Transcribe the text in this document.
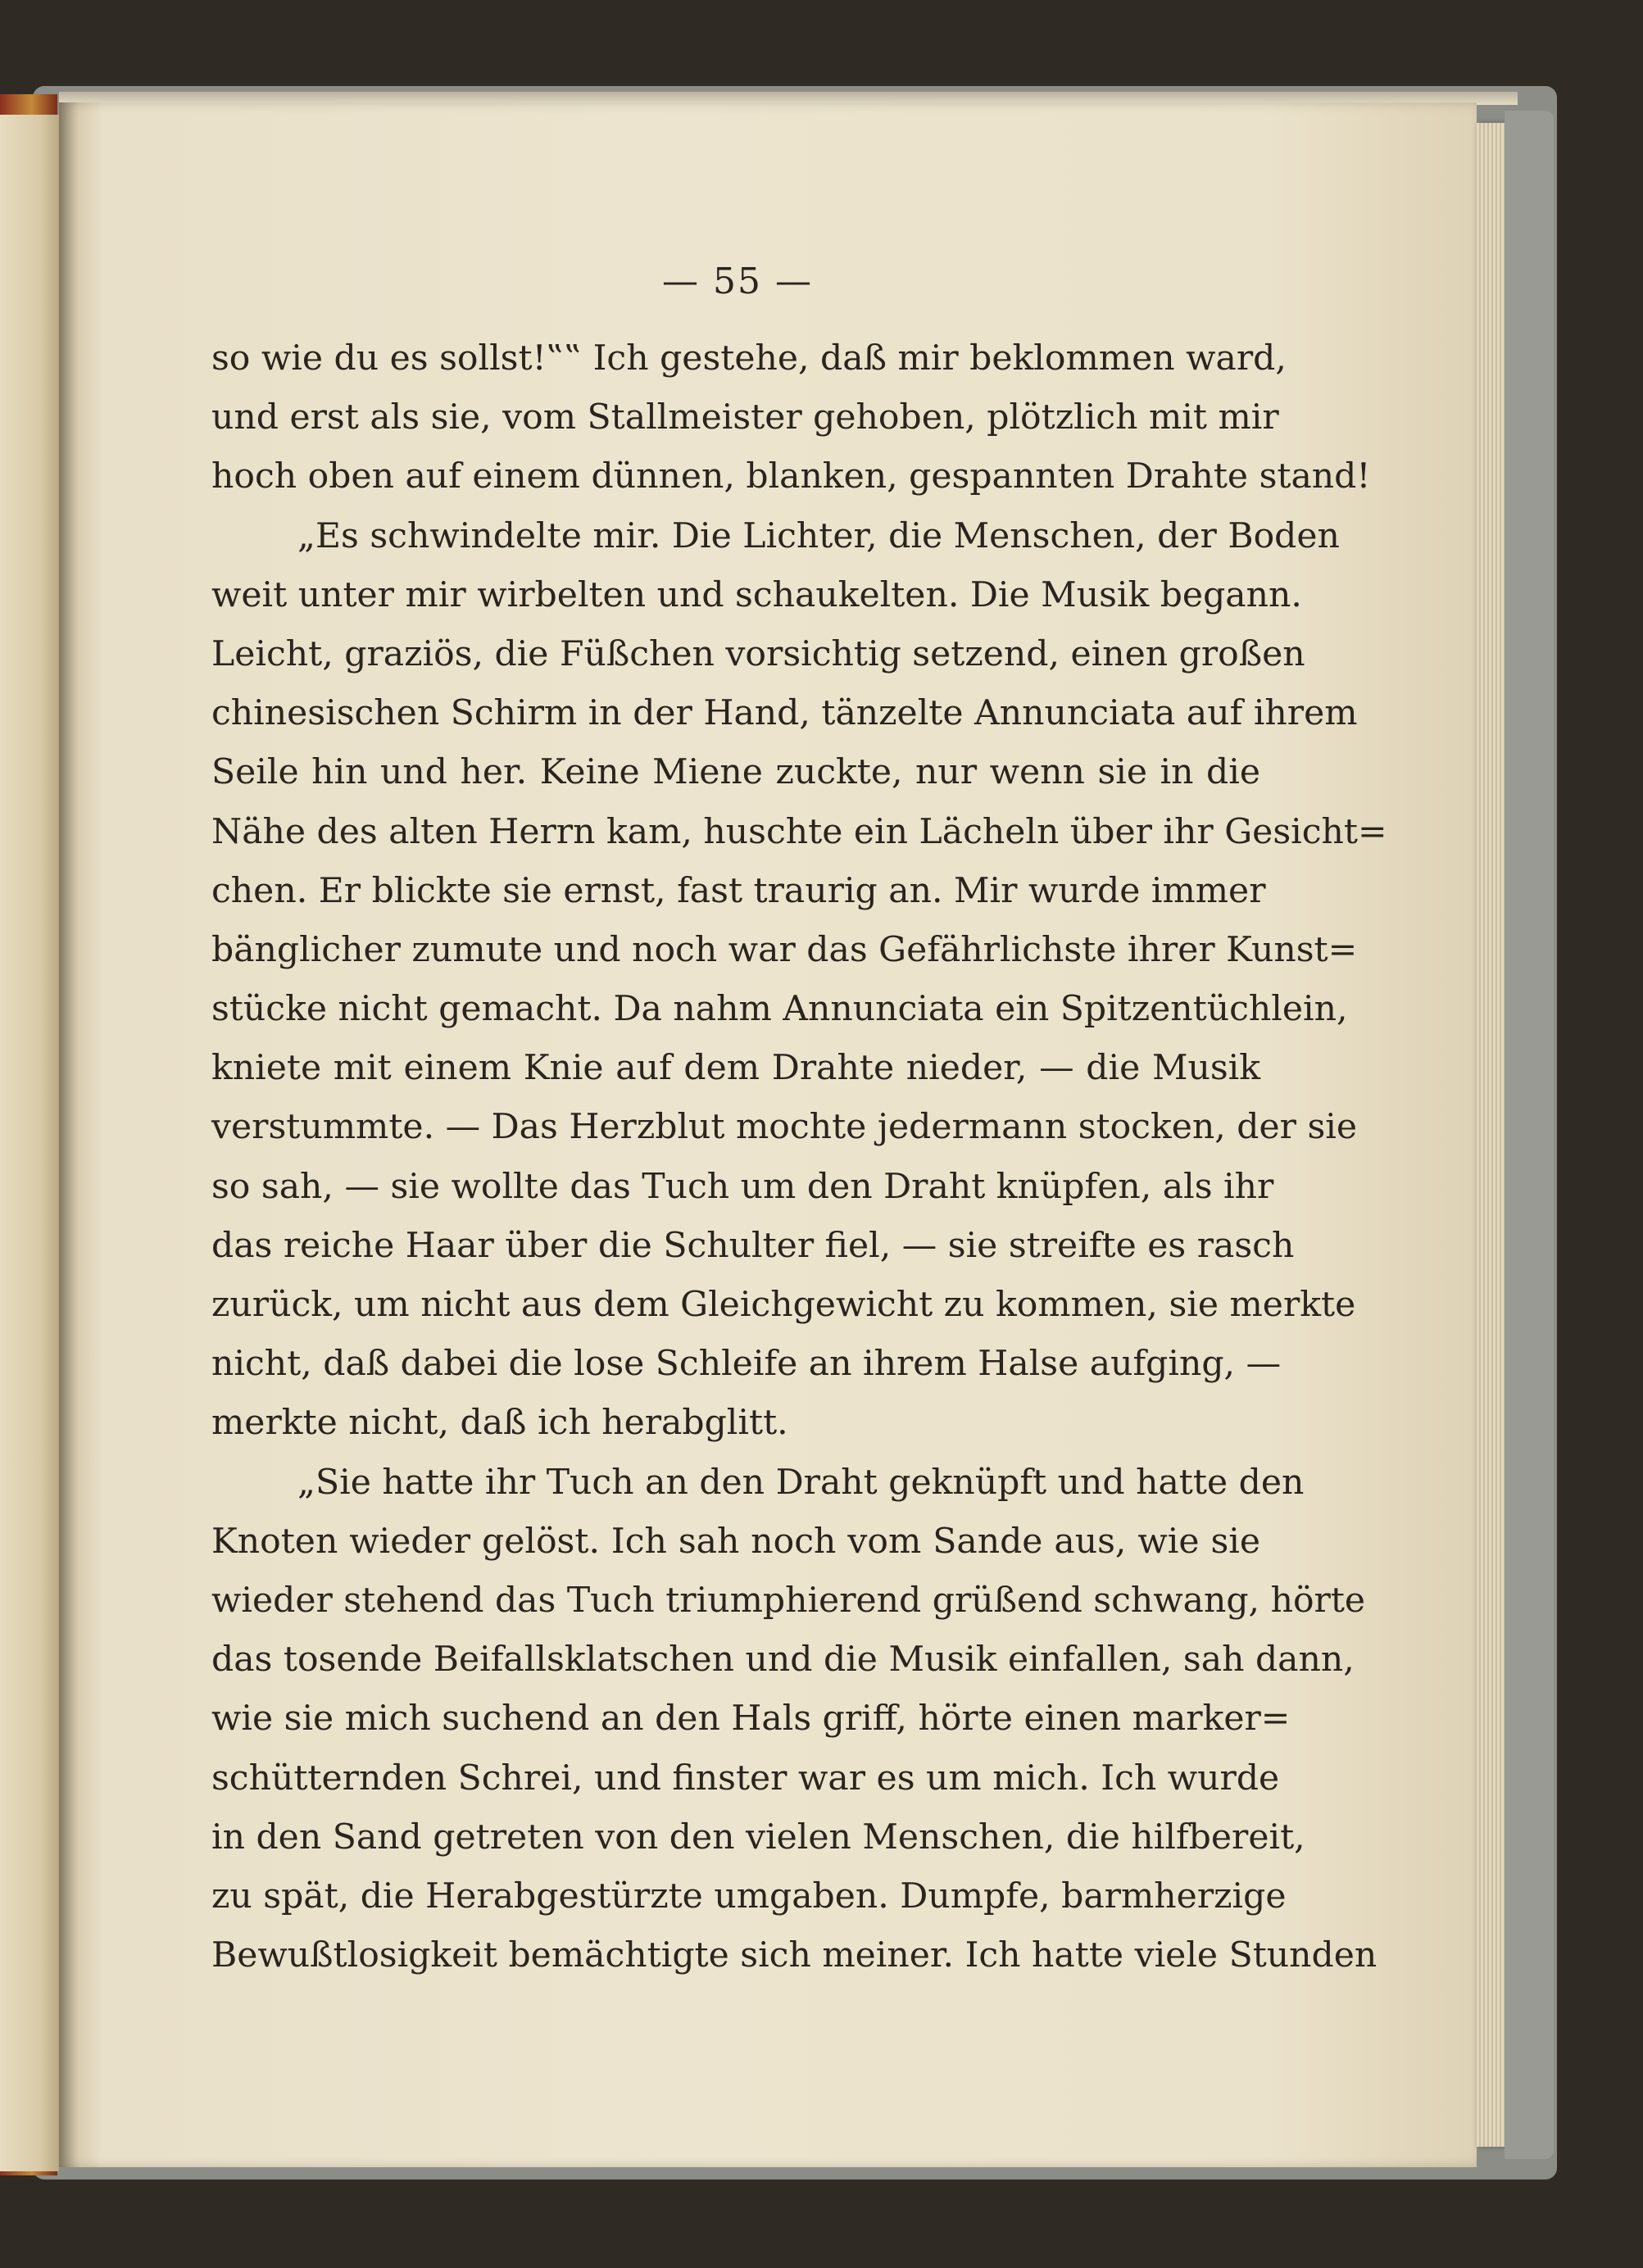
— 55 —
so wie du es sollst!‟‟ Ich gestehe, daß mir beklommen ward,
und erst als sie, vom Stallmeister gehoben, plötzlich mit mir
hoch oben auf einem dünnen, blanken, gespannten Drahte stand!
„Es schwindelte mir. Die Lichter, die Menschen, der Boden
weit unter mir wirbelten und schaukelten. Die Musik begann.
Leicht, graziös, die Füßchen vorsichtig setzend, einen großen
chinesischen Schirm in der Hand, tänzelte Annunciata auf ihrem
Seile hin und her. Keine Miene zuckte, nur wenn sie in die
Nähe des alten Herrn kam, huschte ein Lächeln über ihr Gesicht=
chen. Er blickte sie ernst, fast traurig an. Mir wurde immer
bänglicher zumute und noch war das Gefährlichste ihrer Kunst=
stücke nicht gemacht. Da nahm Annunciata ein Spitzentüchlein,
kniete mit einem Knie auf dem Drahte nieder, — die Musik
verstummte. — Das Herzblut mochte jedermann stocken, der sie
so sah, — sie wollte das Tuch um den Draht knüpfen, als ihr
das reiche Haar über die Schulter fiel, — sie streifte es rasch
zurück, um nicht aus dem Gleichgewicht zu kommen, sie merkte
nicht, daß dabei die lose Schleife an ihrem Halse aufging, —
merkte nicht, daß ich herabglitt.
„Sie hatte ihr Tuch an den Draht geknüpft und hatte den
Knoten wieder gelöst. Ich sah noch vom Sande aus, wie sie
wieder stehend das Tuch triumphierend grüßend schwang, hörte
das tosende Beifallsklatschen und die Musik einfallen, sah dann,
wie sie mich suchend an den Hals griff, hörte einen marker=
schütternden Schrei, und finster war es um mich. Ich wurde
in den Sand getreten von den vielen Menschen, die hilfbereit,
zu spät, die Herabgestürzte umgaben. Dumpfe, barmherzige
Bewußtlosigkeit bemächtigte sich meiner. Ich hatte viele Stunden
